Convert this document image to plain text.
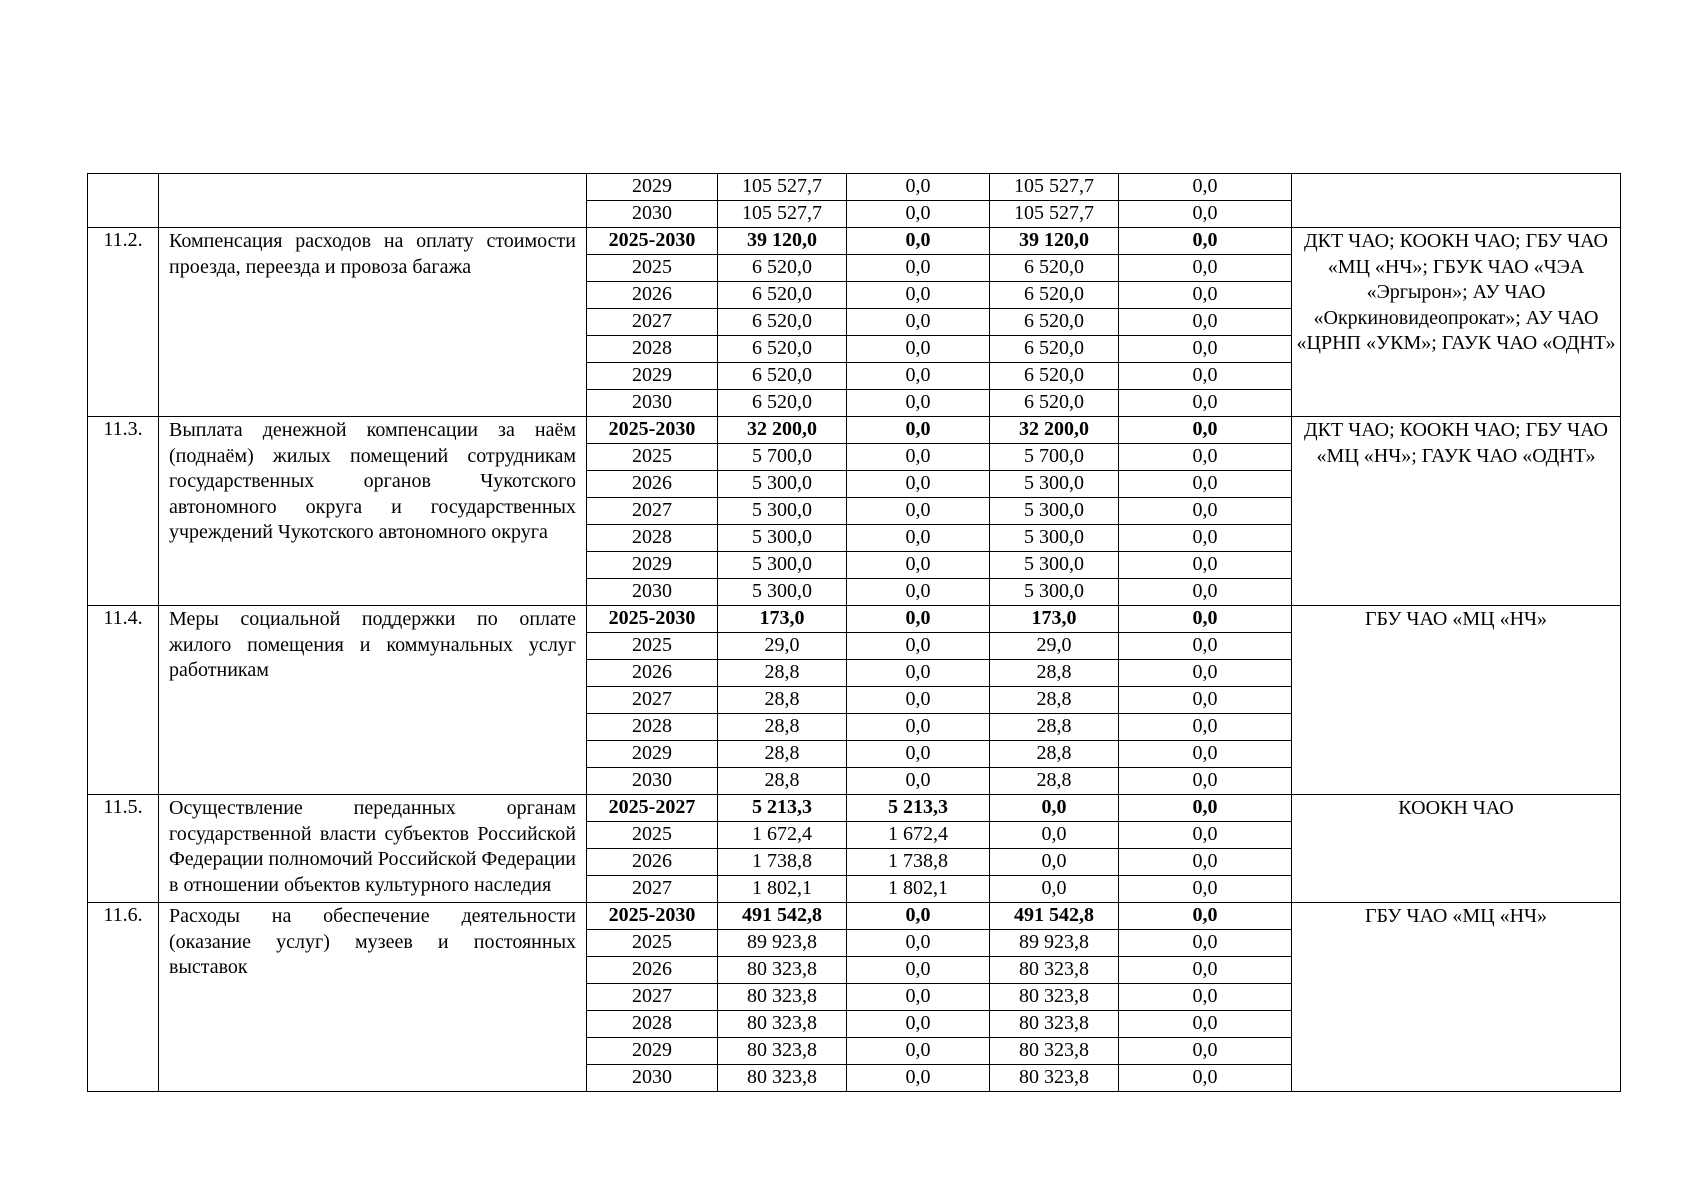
		2029	105 527,7	0,0	105 527,7	0,0	
		2030	105 527,7	0,0	105 527,7	0,0	
11.2.	Компенсация расходов на оплату стоимости проезда, переезда и провоза багажа	2025-2030	39 120,0	0,0	39 120,0	0,0	ДКТ ЧАО; КООКН ЧАО; ГБУ ЧАО «МЦ «НЧ»; ГБУК ЧАО «ЧЭА «Эргырон»; АУ ЧАО «Окркиновидеопрокат»; АУ ЧАО «ЦРНП «УКМ»; ГАУК ЧАО «ОДНТ»
		2025	6 520,0	0,0	6 520,0	0,0	
		2026	6 520,0	0,0	6 520,0	0,0	
		2027	6 520,0	0,0	6 520,0	0,0	
		2028	6 520,0	0,0	6 520,0	0,0	
		2029	6 520,0	0,0	6 520,0	0,0	
		2030	6 520,0	0,0	6 520,0	0,0	
11.3.	Выплата денежной компенсации за наём (поднаём) жилых помещений сотрудникам государственных органов Чукотского автономного округа и государственных учреждений Чукотского автономного округа	2025-2030	32 200,0	0,0	32 200,0	0,0	ДКТ ЧАО; КООКН ЧАО; ГБУ ЧАО «МЦ «НЧ»; ГАУК ЧАО «ОДНТ»
		2025	5 700,0	0,0	5 700,0	0,0	
		2026	5 300,0	0,0	5 300,0	0,0	
		2027	5 300,0	0,0	5 300,0	0,0	
		2028	5 300,0	0,0	5 300,0	0,0	
		2029	5 300,0	0,0	5 300,0	0,0	
		2030	5 300,0	0,0	5 300,0	0,0	
11.4.	Меры социальной поддержки по оплате жилого помещения и коммунальных услуг работникам	2025-2030	173,0	0,0	173,0	0,0	ГБУ ЧАО «МЦ «НЧ»
		2025	29,0	0,0	29,0	0,0	
		2026	28,8	0,0	28,8	0,0	
		2027	28,8	0,0	28,8	0,0	
		2028	28,8	0,0	28,8	0,0	
		2029	28,8	0,0	28,8	0,0	
		2030	28,8	0,0	28,8	0,0	
11.5.	Осуществление переданных органам государственной власти субъектов Российской Федерации полномочий Российской Федерации в отношении объектов культурного наследия	2025-2027	5 213,3	5 213,3	0,0	0,0	КООКН ЧАО
		2025	1 672,4	1 672,4	0,0	0,0	
		2026	1 738,8	1 738,8	0,0	0,0	
		2027	1 802,1	1 802,1	0,0	0,0	
11.6.	Расходы на обеспечение деятельности (оказание услуг) музеев и постоянных выставок	2025-2030	491 542,8	0,0	491 542,8	0,0	ГБУ ЧАО «МЦ «НЧ»
		2025	89 923,8	0,0	89 923,8	0,0	
		2026	80 323,8	0,0	80 323,8	0,0	
		2027	80 323,8	0,0	80 323,8	0,0	
		2028	80 323,8	0,0	80 323,8	0,0	
		2029	80 323,8	0,0	80 323,8	0,0	
		2030	80 323,8	0,0	80 323,8	0,0	
